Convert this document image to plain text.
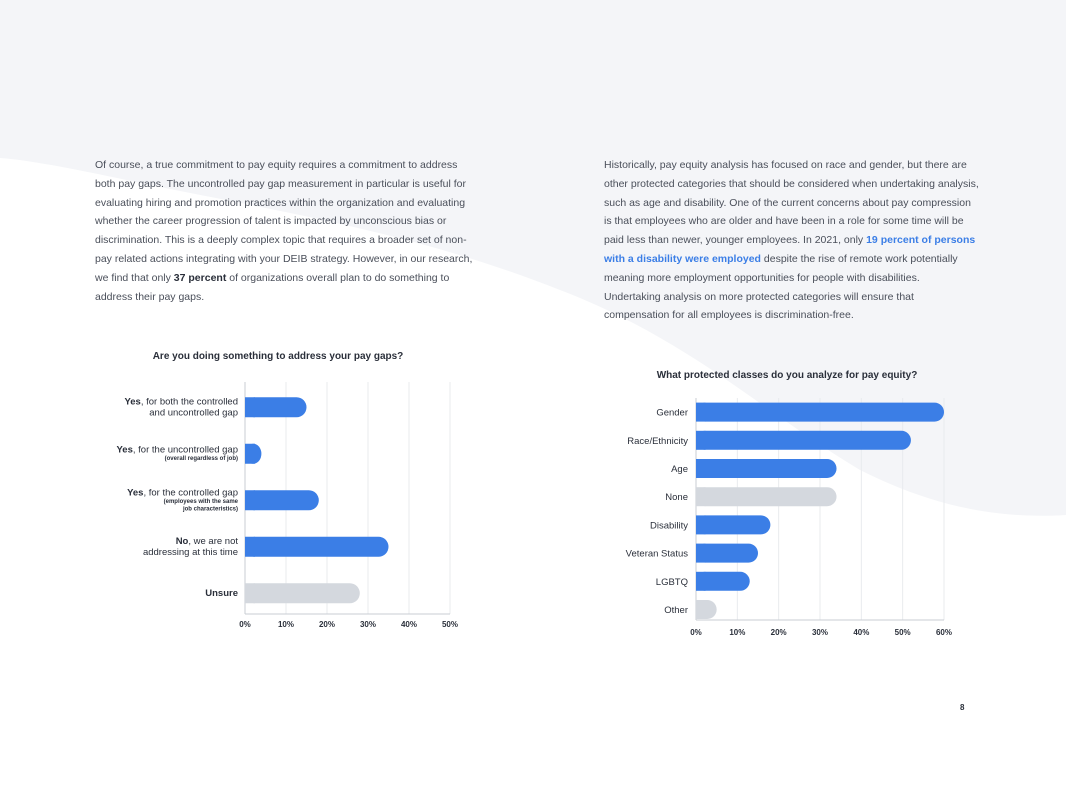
Of course, a true commitment to pay equity requires a commitment to address both pay gaps. The uncontrolled pay gap measurement in particular is useful for evaluating hiring and promotion practices within the organization and evaluating whether the career progression of talent is impacted by unconscious bias or discrimination. This is a deeply complex topic that requires a broader set of non-pay related actions integrating with your DEIB strategy. However, in our research, we find that only 37 percent of organizations overall plan to do something to address their pay gaps.

Historically, pay equity analysis has focused on race and gender, but there are other protected categories that should be considered when undertaking analysis, such as age and disability. One of the current concerns about pay compression is that employees who are older and have been in a role for some time will be paid less than newer, younger employees. In 2021, only 19 percent of persons with a disability were employed despite the rise of remote work potentially meaning more employment opportunities for people with disabilities. Undertaking analysis on more protected categories will ensure that compensation for all employees is discrimination-free.

Are you doing something to address your pay gaps?
0%	10%	20%	30%	40%	50%
Yes, for both the controlled
and uncontrolled gap
Yes, for the uncontrolled gap
(overall regardless of job)
Yes, for the controlled gap
(employees with the same
job characteristics)
No, we are not
addressing at this time
Unsure
What protected classes do you analyze for pay equity?
0%	10%	20%	30%	40%	50%	60%
Gender
Race/Ethnicity
Age
None
Disability
Veteran Status
LGBTQ
Other
8
